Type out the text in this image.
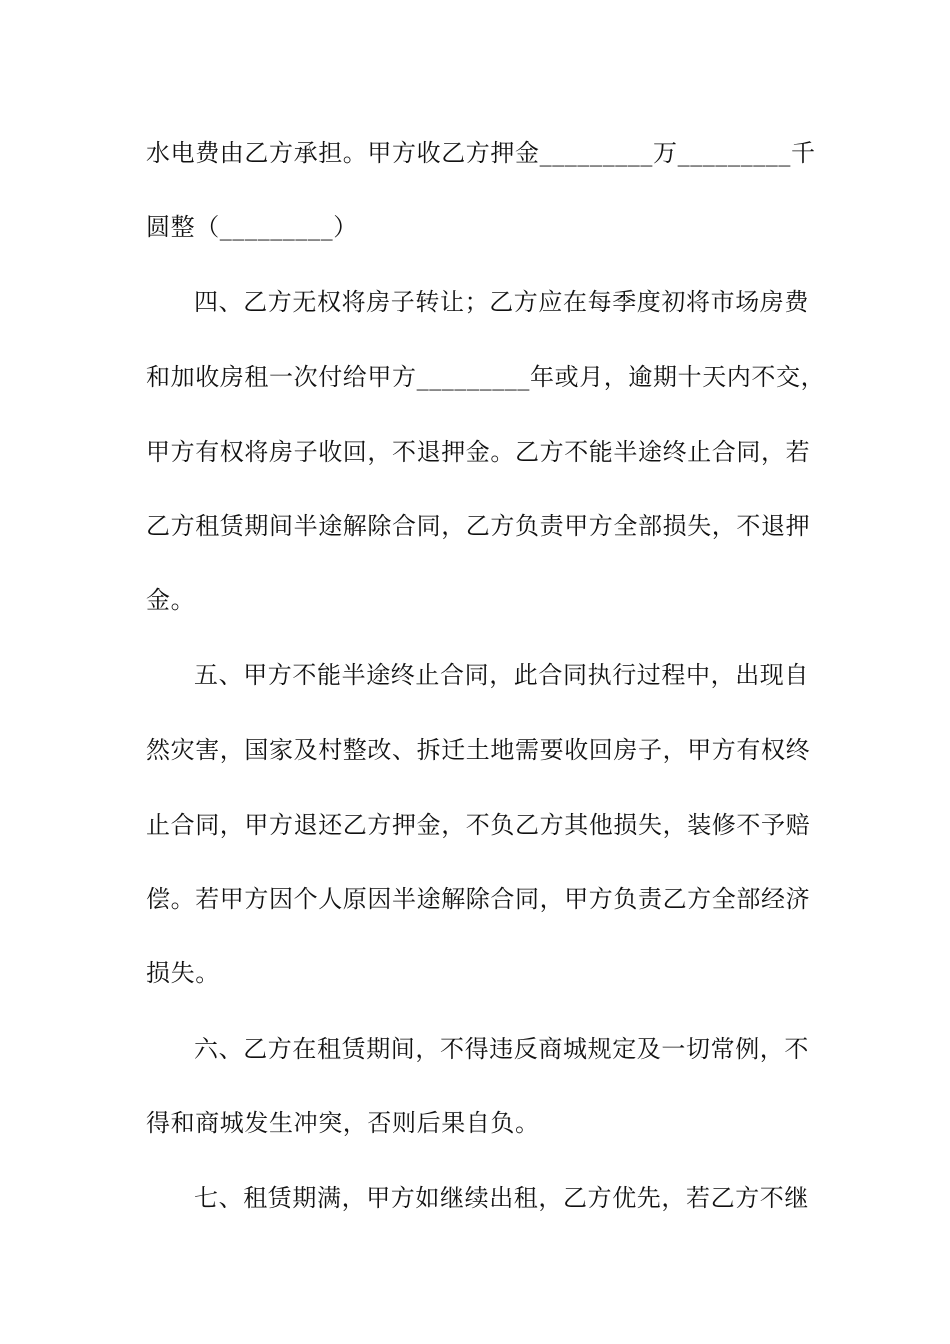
水电费由乙方承担。甲方收乙方押金_________万_________千
圆整（_________）
四、乙方无权将房子转让；乙方应在每季度初将市场房费
和加收房租一次付给甲方_________年或月，逾期十天内不交，
甲方有权将房子收回，不退押金。乙方不能半途终止合同，若
乙方租赁期间半途解除合同，乙方负责甲方全部损失，不退押
金。
五、甲方不能半途终止合同，此合同执行过程中，出现自
然灾害，国家及村整改、拆迁土地需要收回房子，甲方有权终
止合同，甲方退还乙方押金，不负乙方其他损失，装修不予赔
偿。若甲方因个人原因半途解除合同，甲方负责乙方全部经济
损失。
六、乙方在租赁期间，不得违反商城规定及一切常例，不
得和商城发生冲突，否则后果自负。
七、租赁期满，甲方如继续出租，乙方优先，若乙方不继
